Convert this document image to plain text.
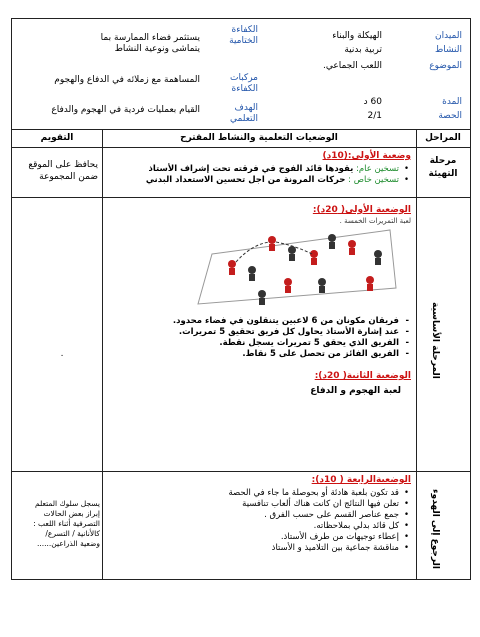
الميدان
الهيكلة والبناء
النشاط
تربية بدنية
الموضوع
اللعب الجماعي.
المدة
60 د
الحصة
2/1
الكفاءة الختامية
يستثمر فضاء الممارسة بما يتماشى ونوعية النشاط
مركبات الكفاءة
المساهمة مع زملائه في الدفاع والهجوم
الهدف التعلمي
القيام بعمليات فردية في الهجوم والدفاع
المراحل
الوضعيات التعلمية والنشاط المقترح
التقويم
مرحلة التهيئة
وضعية الأولى:(10د)
• تسخين عام: يقودها قائد الفوج في فرقته تحت إشراف الأستاذ
• تسخين خاص : حركات المرونة من اجل تحسين الاستعداد البدني
يحافظ على الموقع ضمن المجموعة
المرحلة الأساسية
الوضعية الأولى( 20د):
لعبة التمريرات الخمسة .
- فريقان مكونان من 6 لاعبين يتنقلون في فضاء محدود.
- عند إشارة الأستاذ يحاول كل فريق تحقيق 5 تمريرات.
- الفريق الذي يحقق 5 تمريرات يسجل نقطة.
- الفريق الفائز من تحصل على 5 نقاط.
الوضعية الثانية( 20د):
لعبة الهجوم و الدفاع
.
الرجوع إلى الهدوء
الوضعيةالرابعة ( 10د):
• قد تكون بلعبة هادئة أو بحوصلة ما جاء في الحصة
• تعلن فيها النتائج ان كانت هناك ألعاب تنافسية
• جمع عناصر القسم على حسب الفرق .
• كل قائد بدلي بملاحظاته.
• إعطاء توجيهات من طرف الأستاذ.
• مناقشة جماعية بين التلاميذ و الأستاذ
يسجل سلوك المتعلم
إبراز بعض الحالات
التصرفية أثناء اللعب :
كالأنانية / التسرع/
وضعية الذراعين......
